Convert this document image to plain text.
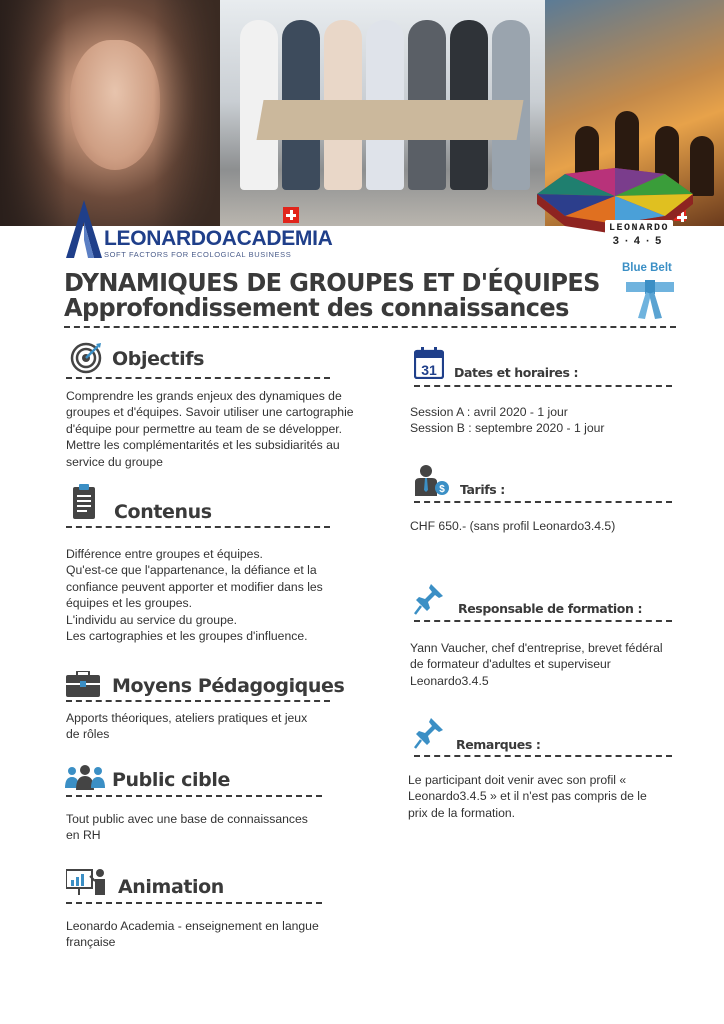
LEONARDO
3·4·5
LEONARDOACADEMIA
SOFT FACTORS FOR ECOLOGICAL BUSINESS
DYNAMIQUES DE GROUPES ET D'ÉQUIPES
Approfondissement des connaissances
Blue Belt
Objectifs
Comprendre les grands enjeux des dynamiques de
groupes et d'équipes. Savoir utiliser une cartographie
d'équipe pour permettre au team de se développer.
Mettre les complémentarités et les subsidiarités au
service du groupe
Contenus
Différence entre groupes et équipes.
Qu'est-ce que l'appartenance, la défiance et la
confiance peuvent apporter et modifier dans les
équipes et les groupes.
L'individu au service du groupe.
Les cartographies et les groupes d'influence.
Moyens Pédagogiques
Apports théoriques, ateliers pratiques et jeux
de rôles
Public cible
Tout public avec une base de connaissances
en RH
Animation
Leonardo Academia - enseignement en langue
française
31 Dates et horaires :
Session A : avril 2020 - 1 jour
Session B : septembre 2020 - 1 jour
$ Tarifs :
CHF 650.- (sans profil Leonardo3.4.5)
Responsable de formation :
Yann Vaucher, chef d'entreprise, brevet fédéral
de formateur d'adultes et superviseur
Leonardo3.4.5
Remarques :
Le participant doit venir avec son profil «
Leonardo3.4.5 » et il n'est pas compris de le
prix de la formation.
